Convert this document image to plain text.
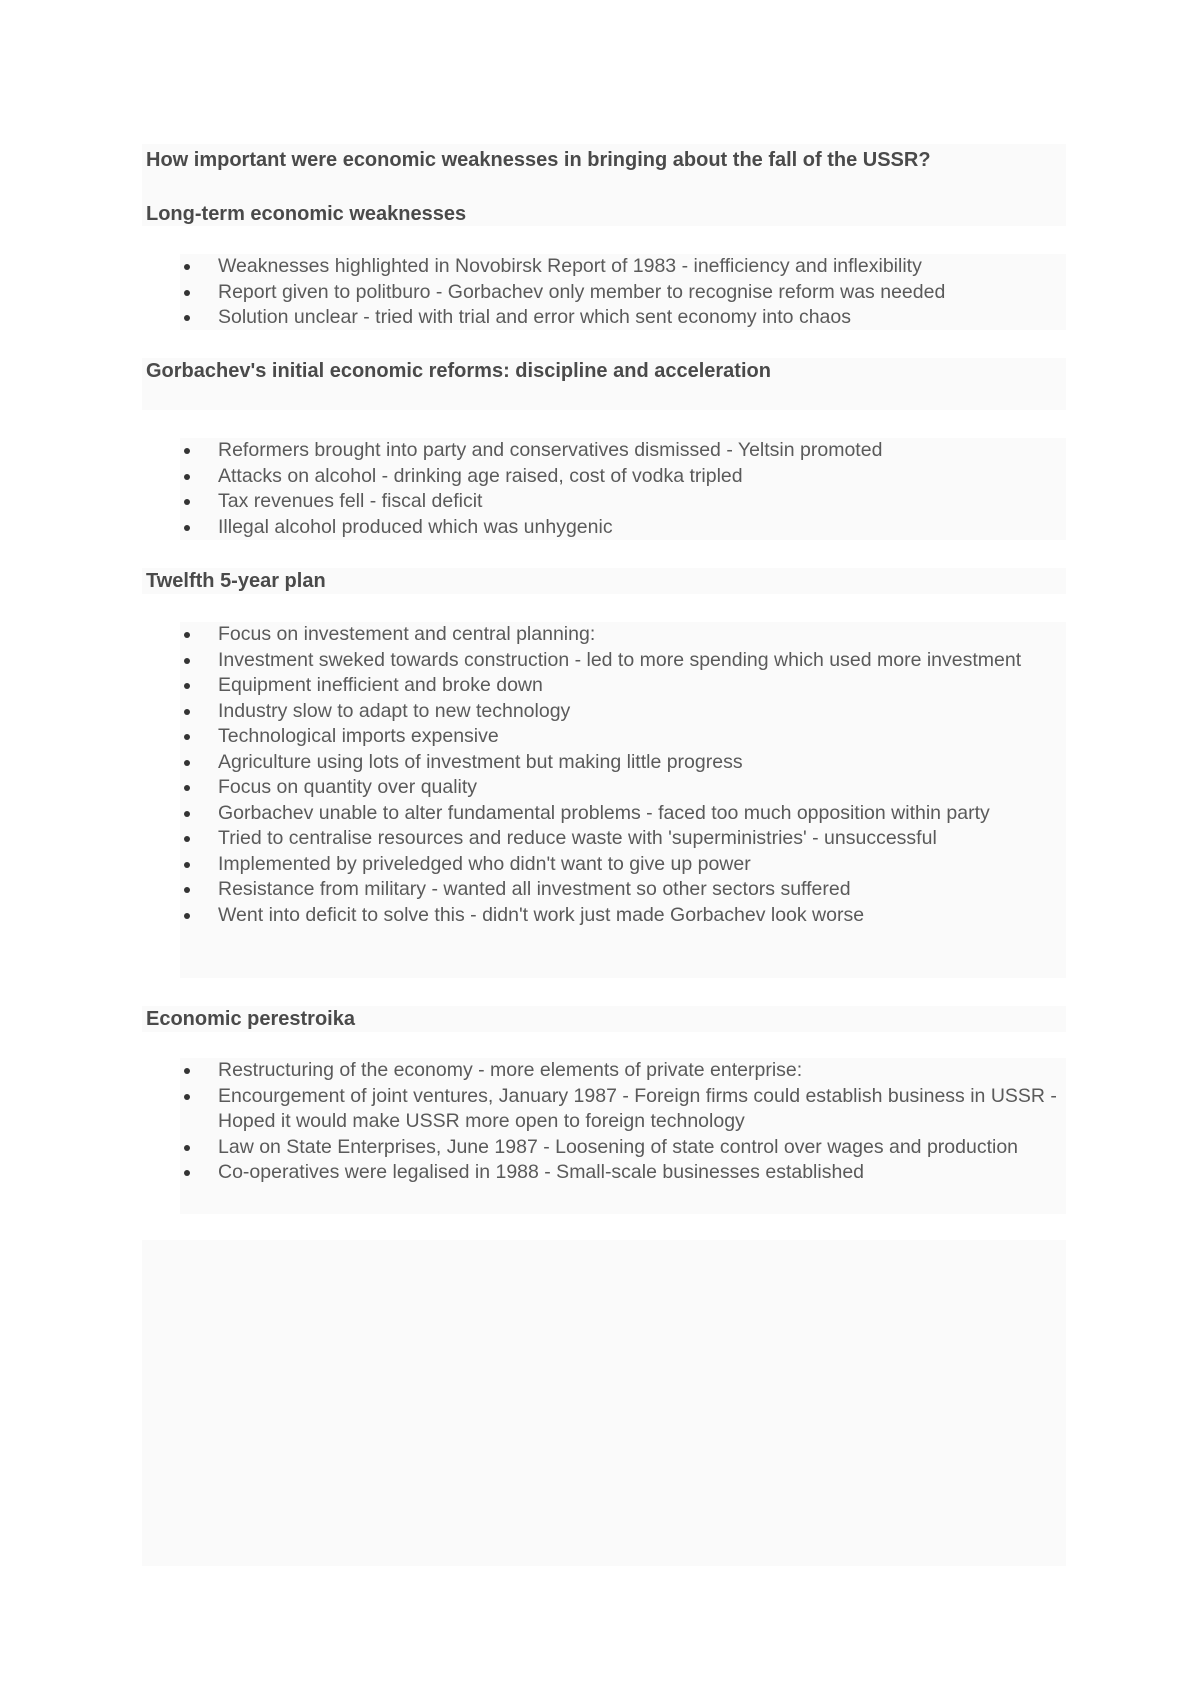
How important were economic weaknesses in bringing about the fall of the USSR?
Long-term economic weaknesses
Weaknesses highlighted in Novobirsk Report of 1983 - inefficiency and inflexibility
Report given to politburo - Gorbachev only member to recognise reform was needed
Solution unclear - tried with trial and error which sent economy into chaos
Gorbachev's initial economic reforms: discipline and acceleration
Reformers brought into party and conservatives dismissed - Yeltsin promoted
Attacks on alcohol - drinking age raised, cost of vodka tripled
Tax revenues fell - fiscal deficit
Illegal alcohol produced which was unhygenic
Twelfth 5-year plan
Focus on investement and central planning:
Investment sweked towards construction - led to more spending which used more investment
Equipment inefficient and broke down
Industry slow to adapt to new technology
Technological imports expensive
Agriculture using lots of investment but making little progress
Focus on quantity over quality
Gorbachev unable to alter fundamental problems - faced too much opposition within party
Tried to centralise resources and reduce waste with 'superministries' - unsuccessful
Implemented by priveledged who didn't want to give up power
Resistance from military - wanted all investment so other sectors suffered
Went into deficit to solve this - didn't work just made Gorbachev look worse
Economic perestroika
Restructuring of the economy - more elements of private enterprise:
Encourgement of joint ventures, January 1987 - Foreign firms could establish business in USSR - Hoped it would make USSR more open to foreign technology
Law on State Enterprises, June 1987 - Loosening of state control over wages and production
Co-operatives were legalised in 1988 - Small-scale businesses established
